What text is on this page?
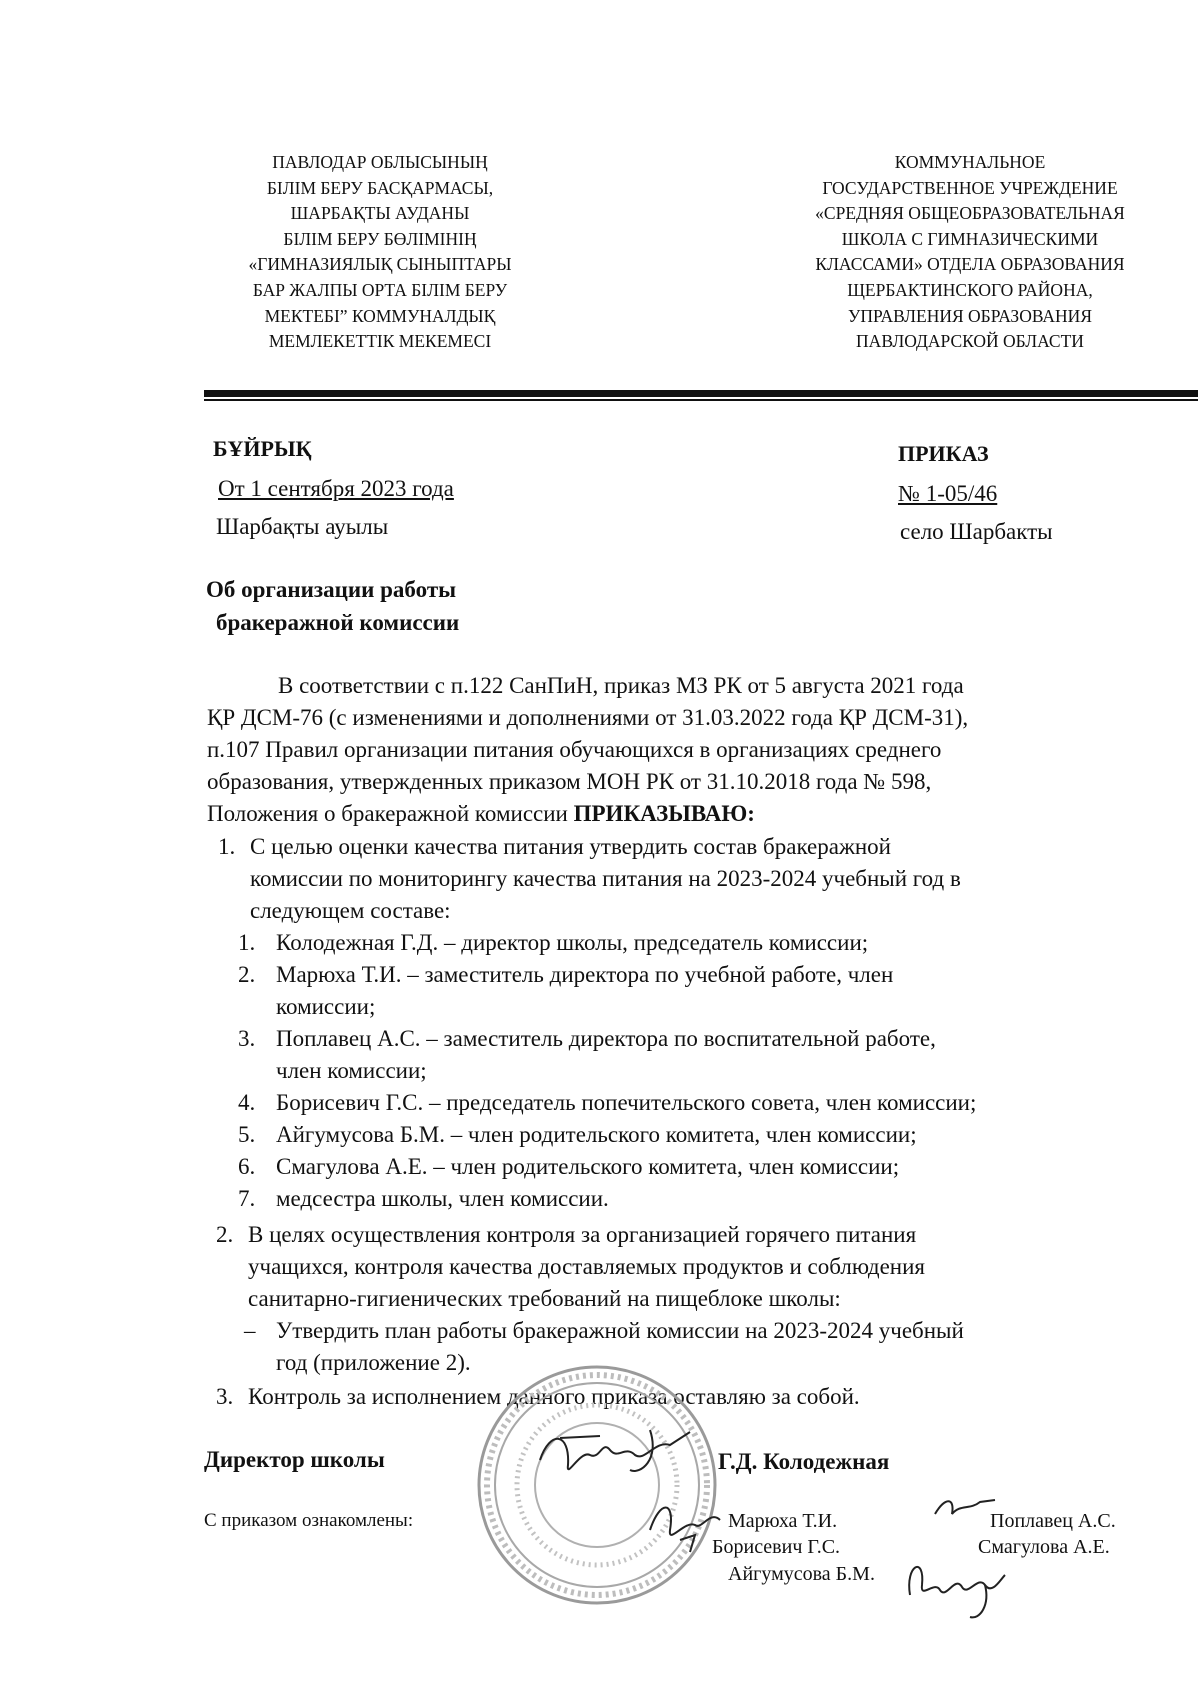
ПАВЛОДАР ОБЛЫСЫНЫҢ
БІЛІМ БЕРУ БАСҚАРМАСЫ,
ШАРБАҚТЫ АУДАНЫ
БІЛІМ БЕРУ БӨЛІМІНІҢ
«ГИМНАЗИЯЛЫҚ СЫНЫПТАРЫ
БАР ЖАЛПЫ ОРТА БІЛІМ БЕРУ
МЕКТЕБІ” КОММУНАЛДЫҚ
МЕМЛЕКЕТТІК МЕКЕМЕСІ
КОММУНАЛЬНОЕ
ГОСУДАРСТВЕННОЕ УЧРЕЖДЕНИЕ
«СРЕДНЯЯ ОБЩЕОБРАЗОВАТЕЛЬНАЯ
ШКОЛА С ГИМНАЗИЧЕСКИМИ
КЛАССАМИ» ОТДЕЛА ОБРАЗОВАНИЯ
ЩЕРБАКТИНСКОГО РАЙОНА,
УПРАВЛЕНИЯ ОБРАЗОВАНИЯ
ПАВЛОДАРСКОЙ ОБЛАСТИ
БҰЙРЫҚ	ПРИКАЗ
От 1 сентября 2023 года	№ 1-05/46
Шарбақты ауылы	село Шарбакты
Об организации работы
бракеражной комиссии
В соответствии с п.122 СанПиН, приказ МЗ РК от 5 августа 2021 года
ҚР ДСМ-76 (с изменениями и дополнениями от 31.03.2022 года ҚР ДСМ-31),
п.107 Правил организации питания обучающихся в организациях среднего
образования, утвержденных приказом МОН РК от 31.10.2018 года № 598,
Положения о бракеражной комиссии ПРИКАЗЫВАЮ:
1. С целью оценки качества питания утвердить состав бракеражной
комиссии по мониторингу качества питания на 2023-2024 учебный год в
следующем составе:
1. Колодежная Г.Д. – директор школы, председатель комиссии;
2. Марюха Т.И. – заместитель директора по учебной работе, член
комиссии;
3. Поплавец А.С. – заместитель директора по воспитательной работе,
член комиссии;
4. Борисевич Г.С. – председатель попечительского совета, член комиссии;
5. Айгумусова Б.М. – член родительского комитета, член комиссии;
6. Смагулова А.Е. – член родительского комитета, член комиссии;
7. медсестра школы, член комиссии.
2. В целях осуществления контроля за организацией горячего питания
учащихся, контроля качества доставляемых продуктов и соблюдения
санитарно-гигиенических требований на пищеблоке школы:
– Утвердить план работы бракеражной комиссии на 2023-2024 учебный
год (приложение 2).
3. Контроль за исполнением данного приказа оставляю за собой.
Директор школы	Г.Д. Колодежная
С приказом ознакомлены:	Марюха Т.И.	Поплавец А.С.
Борисевич Г.С.	Смагулова А.Е.
Айгумусова Б.М.
